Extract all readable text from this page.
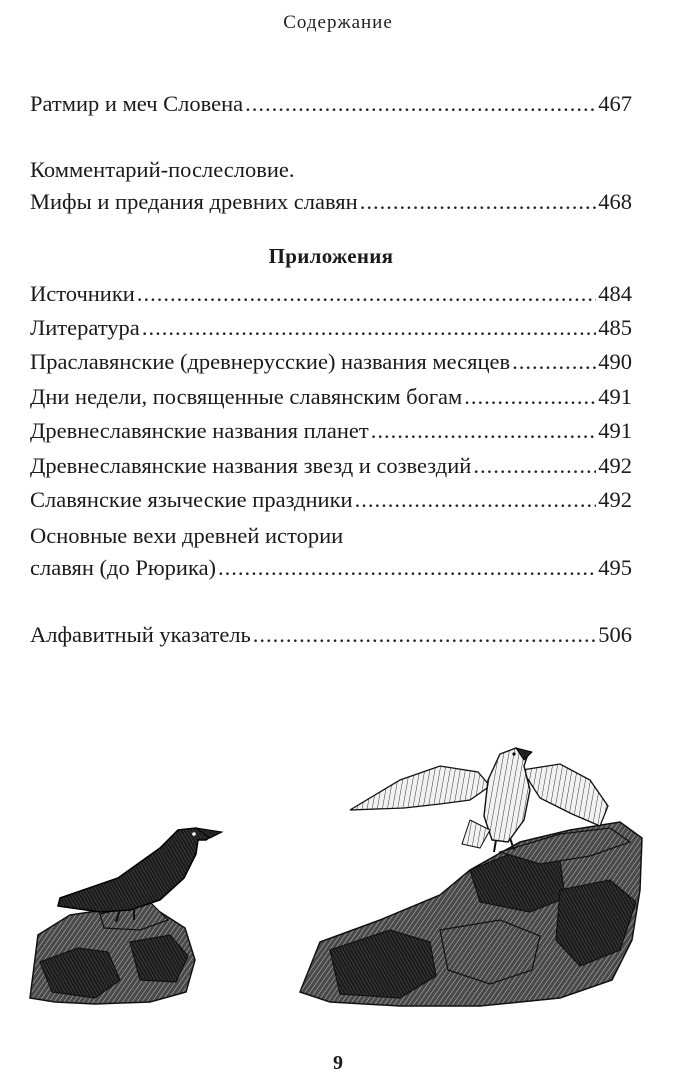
Содержание
Ратмир и меч Словена .....	467
Комментарий-послесловие.
Мифы и предания древних славян .....	468
Приложения
Источники .....	484
Литература .....	485
Праславянские (древнерусские) названия месяцев .....	490
Дни недели, посвященные славянским богам .....	491
Древнеславянские названия планет .....	491
Древнеславянские названия звезд и созвездий .....	492
Славянские языческие праздники .....	492
Основные вехи древней истории
славян (до Рюрика) .....	495
Алфавитный указатель .....	506
9
